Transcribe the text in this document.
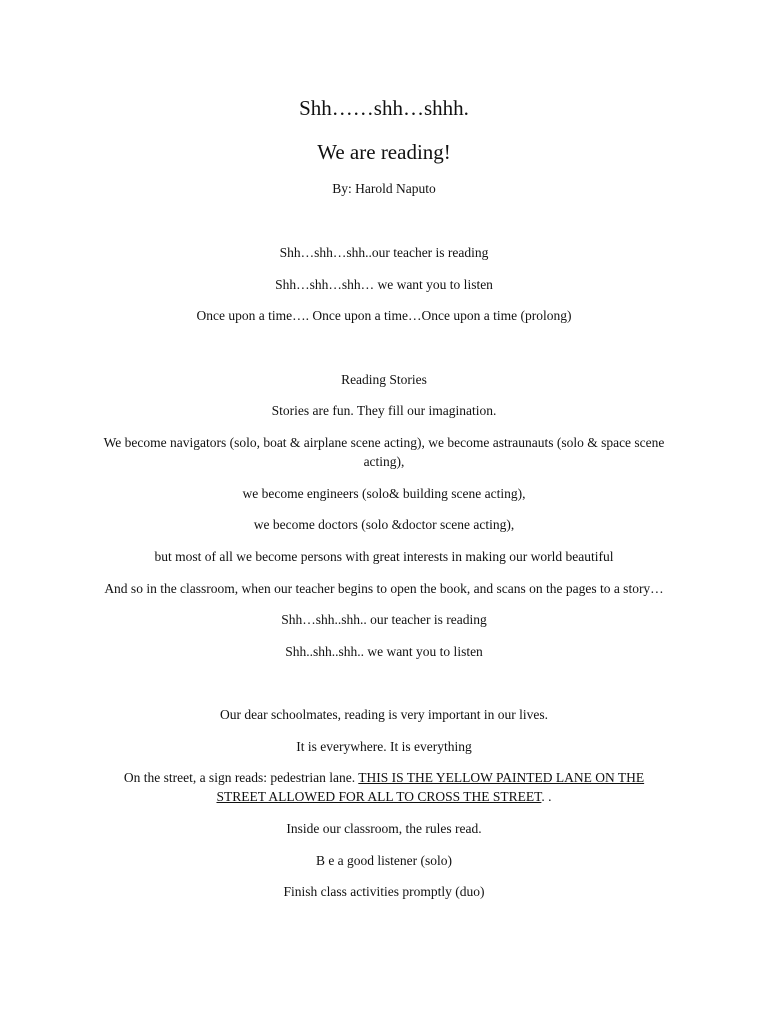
Shh……shh…shhh.
We are reading!
By: Harold Naputo
Shh…shh…shh..our teacher is reading
Shh…shh…shh… we want you to listen
Once upon a time…. Once upon a time…Once upon a time (prolong)
Reading Stories
Stories are fun. They fill our imagination.
We become navigators (solo, boat & airplane scene acting), we become astraunauts (solo & space scene acting),
we become engineers (solo& building scene acting),
we become doctors (solo &doctor scene acting),
but most of all we become persons with great interests in making our world beautiful
And so in the classroom, when our teacher begins to open the book, and scans on the pages to a story…
Shh…shh..shh.. our teacher is reading
Shh..shh..shh.. we want you to listen
Our dear schoolmates, reading is very important in our lives.
It is everywhere. It is everything
On the street, a sign reads: pedestrian lane. THIS IS THE YELLOW PAINTED LANE ON THE STREET ALLOWED FOR ALL TO CROSS THE STREET. .
Inside our classroom, the rules read.
B e a good listener (solo)
Finish class activities promptly (duo)
